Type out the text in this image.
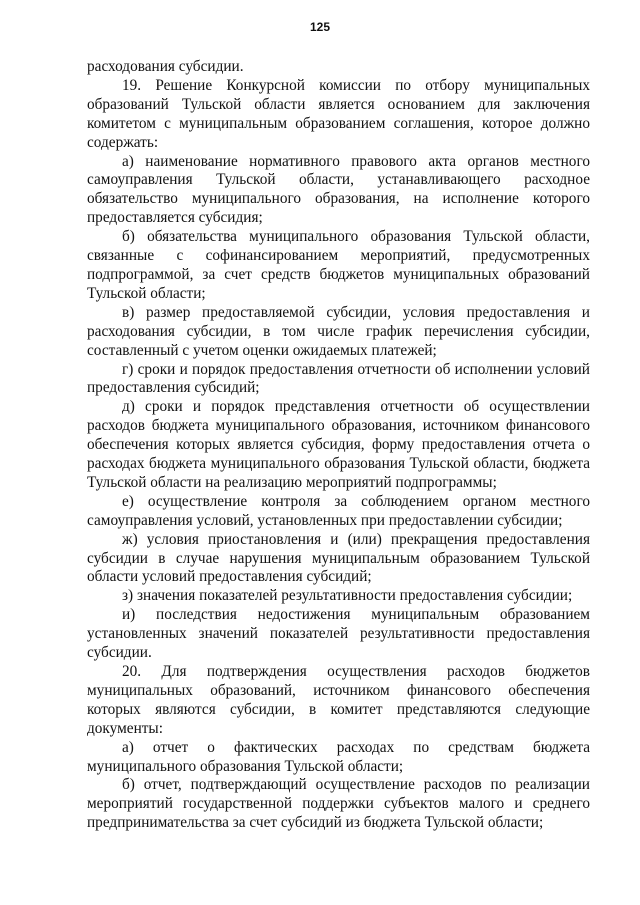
125

расходования субсидии.

19. Решение Конкурсной комиссии по отбору муниципальных образований Тульской области является основанием для заключения комитетом с муниципальным образованием соглашения, которое должно содержать:

а) наименование нормативного правового акта органов местного самоуправления Тульской области, устанавливающего расходное обязательство муниципального образования, на исполнение которого предоставляется субсидия;

б) обязательства муниципального образования Тульской области, связанные с софинансированием мероприятий, предусмотренных подпрограммой, за счет средств бюджетов муниципальных образований Тульской области;

в) размер предоставляемой субсидии, условия предоставления и расходования субсидии, в том числе график перечисления субсидии, составленный с учетом оценки ожидаемых платежей;

г) сроки и порядок предоставления отчетности об исполнении условий предоставления субсидий;

д) сроки и порядок представления отчетности об осуществлении расходов бюджета муниципального образования, источником финансового обеспечения которых является субсидия, форму предоставления отчета о расходах бюджета муниципального образования Тульской области, бюджета Тульской области на реализацию мероприятий подпрограммы;

е) осуществление контроля за соблюдением органом местного самоуправления условий, установленных при предоставлении субсидии;

ж) условия приостановления и (или) прекращения предоставления субсидии в случае нарушения муниципальным образованием Тульской области условий предоставления субсидий;

з) значения показателей результативности предоставления субсидии;

и) последствия недостижения муниципальным образованием установленных значений показателей результативности предоставления субсидии.

20. Для подтверждения осуществления расходов бюджетов муниципальных образований, источником финансового обеспечения которых являются субсидии, в комитет представляются следующие документы:

а) отчет о фактических расходах по средствам бюджета муниципального образования Тульской области;

б) отчет, подтверждающий осуществление расходов по реализации мероприятий государственной поддержки субъектов малого и среднего предпринимательства за счет субсидий из бюджета Тульской области;
